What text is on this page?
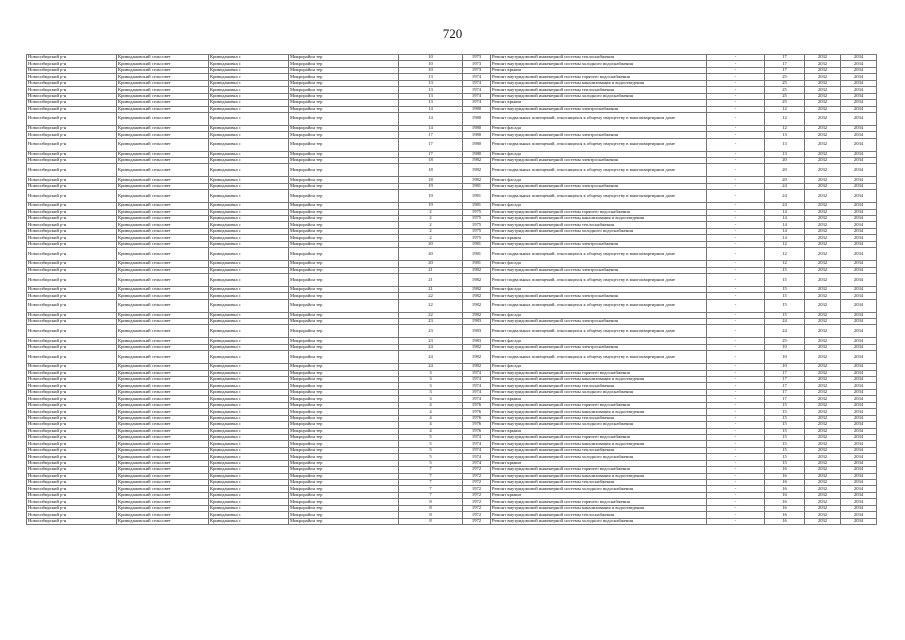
720
Новосибирский р-н	Криводановский сельсовет	Криводановка с	Микрорайон тер	10	1973	Ремонт внутридомовой инженерной системы теплоснабжения	-	17	2032	2034
Новосибирский р-н	Криводановский сельсовет	Криводановка с	Микрорайон тер	10	1973	Ремонт внутридомовой инженерной системы холодного водоснабжения	-	17	2032	2034
Новосибирский р-н	Криводановский сельсовет	Криводановка с	Микрорайон тер	10	1973	Ремонт крыши	-	17	2032	2034
Новосибирский р-н	Криводановский сельсовет	Криводановка с	Микрорайон тер	13	1974	Ремонт внутридомовой инженерной системы горячего водоснабжения	-	25	2032	2034
Новосибирский р-н	Криводановский сельсовет	Криводановка с	Микрорайон тер	13	1974	Ремонт внутридомовой инженерной системы канализования и водоотведения	-	25	2032	2034
Новосибирский р-н	Криводановский сельсовет	Криводановка с	Микрорайон тер	13	1974	Ремонт внутридомовой инженерной системы теплоснабжения	-	25	2032	2034
Новосибирский р-н	Криводановский сельсовет	Криводановка с	Микрорайон тер	13	1974	Ремонт внутридомовой инженерной системы холодного водоснабжения	-	25	2032	2034
Новосибирский р-н	Криводановский сельсовет	Криводановка с	Микрорайон тер	13	1974	Ремонт крыши	-	25	2032	2034
Новосибирский р-н	Криводановский сельсовет	Криводановка с	Микрорайон тер	14	1980	Ремонт внутридомовой инженерной системы электроснабжения	-	12	2032	2034
Новосибирский р-н	Криводановский сельсовет	Криводановка с	Микрорайон тер	14	1980	Ремонт подвальных помещений, относящихся к общему имуществу в многоквартирном доме	-	12	2032	2034
Новосибирский р-н	Криводановский сельсовет	Криводановка с	Микрорайон тер	14	1980	Ремонт фасада	-	12	2032	2034
Новосибирский р-н	Криводановский сельсовет	Криводановка с	Микрорайон тер	17	1980	Ремонт внутридомовой инженерной системы электроснабжения	-	13	2032	2034
Новосибирский р-н	Криводановский сельсовет	Криводановка с	Микрорайон тер	17	1980	Ремонт подвальных помещений, относящихся к общему имуществу в многоквартирном доме	-	13	2032	2034
Новосибирский р-н	Криводановский сельсовет	Криводановка с	Микрорайон тер	17	1980	Ремонт фасада	-	13	2032	2034
Новосибирский р-н	Криводановский сельсовет	Криводановка с	Микрорайон тер	18	1982	Ремонт внутридомовой инженерной системы электроснабжения	-	20	2032	2034
Новосибирский р-н	Криводановский сельсовет	Криводановка с	Микрорайон тер	18	1982	Ремонт подвальных помещений, относящихся к общему имуществу в многоквартирном доме	-	20	2032	2034
Новосибирский р-н	Криводановский сельсовет	Криводановка с	Микрорайон тер	18	1982	Ремонт фасада	-	20	2032	2034
Новосибирский р-н	Криводановский сельсовет	Криводановка с	Микрорайон тер	19	1981	Ремонт внутридомовой инженерной системы электроснабжения	-	24	2032	2034
Новосибирский р-н	Криводановский сельсовет	Криводановка с	Микрорайон тер	19	1981	Ремонт подвальных помещений, относящихся к общему имуществу в многоквартирном доме	-	24	2032	2034
Новосибирский р-н	Криводановский сельсовет	Криводановка с	Микрорайон тер	19	1981	Ремонт фасада	-	24	2032	2034
Новосибирский р-н	Криводановский сельсовет	Криводановка с	Микрорайон тер	2	1975	Ремонт внутридомовой инженерной системы горячего водоснабжения	-	14	2032	2034
Новосибирский р-н	Криводановский сельсовет	Криводановка с	Микрорайон тер	2	1975	Ремонт внутридомовой инженерной системы канализования и водоотведения	-	14	2032	2034
Новосибирский р-н	Криводановский сельсовет	Криводановка с	Микрорайон тер	2	1975	Ремонт внутридомовой инженерной системы теплоснабжения	-	14	2032	2034
Новосибирский р-н	Криводановский сельсовет	Криводановка с	Микрорайон тер	2	1975	Ремонт внутридомовой инженерной системы холодного водоснабжения	-	14	2032	2034
Новосибирский р-н	Криводановский сельсовет	Криводановка с	Микрорайон тер	2	1975	Ремонт крыши	-	14	2032	2034
Новосибирский р-н	Криводановский сельсовет	Криводановка с	Микрорайон тер	20	1981	Ремонт внутридомовой инженерной системы электроснабжения	-	12	2032	2034
Новосибирский р-н	Криводановский сельсовет	Криводановка с	Микрорайон тер	20	1981	Ремонт подвальных помещений, относящихся к общему имуществу в многоквартирном доме	-	12	2032	2034
Новосибирский р-н	Криводановский сельсовет	Криводановка с	Микрорайон тер	20	1981	Ремонт фасада	-	12	2032	2034
Новосибирский р-н	Криводановский сельсовет	Криводановка с	Микрорайон тер	21	1982	Ремонт внутридомовой инженерной системы электроснабжения	-	15	2032	2034
Новосибирский р-н	Криводановский сельсовет	Криводановка с	Микрорайон тер	21	1982	Ремонт подвальных помещений, относящихся к общему имуществу в многоквартирном доме	-	15	2032	2034
Новосибирский р-н	Криводановский сельсовет	Криводановка с	Микрорайон тер	21	1982	Ремонт фасада	-	15	2032	2034
Новосибирский р-н	Криводановский сельсовет	Криводановка с	Микрорайон тер	22	1982	Ремонт внутридомовой инженерной системы электроснабжения	-	15	2032	2034
Новосибирский р-н	Криводановский сельсовет	Криводановка с	Микрорайон тер	22	1982	Ремонт подвальных помещений, относящихся к общему имуществу в многоквартирном доме	-	15	2032	2034
Новосибирский р-н	Криводановский сельсовет	Криводановка с	Микрорайон тер	22	1982	Ремонт фасада	-	15	2032	2034
Новосибирский р-н	Криводановский сельсовет	Криводановка с	Микрорайон тер	23	1983	Ремонт внутридомовой инженерной системы электроснабжения	-	24	2032	2034
Новосибирский р-н	Криводановский сельсовет	Криводановка с	Микрорайон тер	23	1983	Ремонт подвальных помещений, относящихся к общему имуществу в многоквартирном доме	-	24	2032	2034
Новосибирский р-н	Криводановский сельсовет	Криводановка с	Микрорайон тер	23	1983	Ремонт фасада	-	25	2032	2034
Новосибирский р-н	Криводановский сельсовет	Криводановка с	Микрорайон тер	24	1982	Ремонт внутридомовой инженерной системы электроснабжения	-	10	2032	2034
Новосибирский р-н	Криводановский сельсовет	Криводановка с	Микрорайон тер	24	1982	Ремонт подвальных помещений, относящихся к общему имуществу в многоквартирном доме	-	10	2032	2034
Новосибирский р-н	Криводановский сельсовет	Криводановка с	Микрорайон тер	24	1982	Ремонт фасада	-	10	2032	2034
Новосибирский р-н	Криводановский сельсовет	Криводановка с	Микрорайон тер	3	1974	Ремонт внутридомовой инженерной системы горячего водоснабжения	-	17	2032	2034
Новосибирский р-н	Криводановский сельсовет	Криводановка с	Микрорайон тер	3	1974	Ремонт внутридомовой инженерной системы канализования и водоотведения	-	17	2032	2034
Новосибирский р-н	Криводановский сельсовет	Криводановка с	Микрорайон тер	3	1974	Ремонт внутридомовой инженерной системы теплоснабжения	-	17	2032	2034
Новосибирский р-н	Криводановский сельсовет	Криводановка с	Микрорайон тер	3	1974	Ремонт внутридомовой инженерной системы холодного водоснабжения	-	17	2032	2034
Новосибирский р-н	Криводановский сельсовет	Криводановка с	Микрорайон тер	3	1974	Ремонт крыши	-	17	2032	2034
Новосибирский р-н	Криводановский сельсовет	Криводановка с	Микрорайон тер	4	1976	Ремонт внутридомовой инженерной системы горячего водоснабжения	-	15	2032	2034
Новосибирский р-н	Криводановский сельсовет	Криводановка с	Микрорайон тер	4	1976	Ремонт внутридомовой инженерной системы канализования и водоотведения	-	15	2032	2034
Новосибирский р-н	Криводановский сельсовет	Криводановка с	Микрорайон тер	4	1976	Ремонт внутридомовой инженерной системы теплоснабжения	-	15	2032	2034
Новосибирский р-н	Криводановский сельсовет	Криводановка с	Микрорайон тер	4	1976	Ремонт внутридомовой инженерной системы холодного водоснабжения	-	15	2032	2034
Новосибирский р-н	Криводановский сельсовет	Криводановка с	Микрорайон тер	4	1976	Ремонт крыши	-	15	2032	2034
Новосибирский р-н	Криводановский сельсовет	Криводановка с	Микрорайон тер	5	1974	Ремонт внутридомовой инженерной системы горячего водоснабжения	-	15	2032	2034
Новосибирский р-н	Криводановский сельсовет	Криводановка с	Микрорайон тер	5	1974	Ремонт внутридомовой инженерной системы канализования и водоотведения	-	15	2032	2034
Новосибирский р-н	Криводановский сельсовет	Криводановка с	Микрорайон тер	5	1974	Ремонт внутридомовой инженерной системы теплоснабжения	-	15	2032	2034
Новосибирский р-н	Криводановский сельсовет	Криводановка с	Микрорайон тер	5	1974	Ремонт внутридомовой инженерной системы холодного водоснабжения	-	15	2032	2034
Новосибирский р-н	Криводановский сельсовет	Криводановка с	Микрорайон тер	5	1974	Ремонт крыши	-	15	2032	2034
Новосибирский р-н	Криводановский сельсовет	Криводановка с	Микрорайон тер	7	1972	Ремонт внутридомовой инженерной системы горячего водоснабжения	-	16	2032	2034
Новосибирский р-н	Криводановский сельсовет	Криводановка с	Микрорайон тер	7	1972	Ремонт внутридомовой инженерной системы канализования и водоотведения	-	16	2032	2034
Новосибирский р-н	Криводановский сельсовет	Криводановка с	Микрорайон тер	7	1972	Ремонт внутридомовой инженерной системы теплоснабжения	-	16	2032	2034
Новосибирский р-н	Криводановский сельсовет	Криводановка с	Микрорайон тер	7	1972	Ремонт внутридомовой инженерной системы холодного водоснабжения	-	16	2032	2034
Новосибирский р-н	Криводановский сельсовет	Криводановка с	Микрорайон тер	7	1972	Ремонт крыши	-	16	2032	2034
Новосибирский р-н	Криводановский сельсовет	Криводановка с	Микрорайон тер	8	1972	Ремонт внутридомовой инженерной системы горячего водоснабжения	-	16	2032	2034
Новосибирский р-н	Криводановский сельсовет	Криводановка с	Микрорайон тер	8	1972	Ремонт внутридомовой инженерной системы канализования и водоотведения	-	16	2032	2034
Новосибирский р-н	Криводановский сельсовет	Криводановка с	Микрорайон тер	8	1972	Ремонт внутридомовой инженерной системы теплоснабжения	-	16	2032	2034
Новосибирский р-н	Криводановский сельсовет	Криводановка с	Микрорайон тер	8	1972	Ремонт внутридомовой инженерной системы холодного водоснабжения	-	16	2032	2034
